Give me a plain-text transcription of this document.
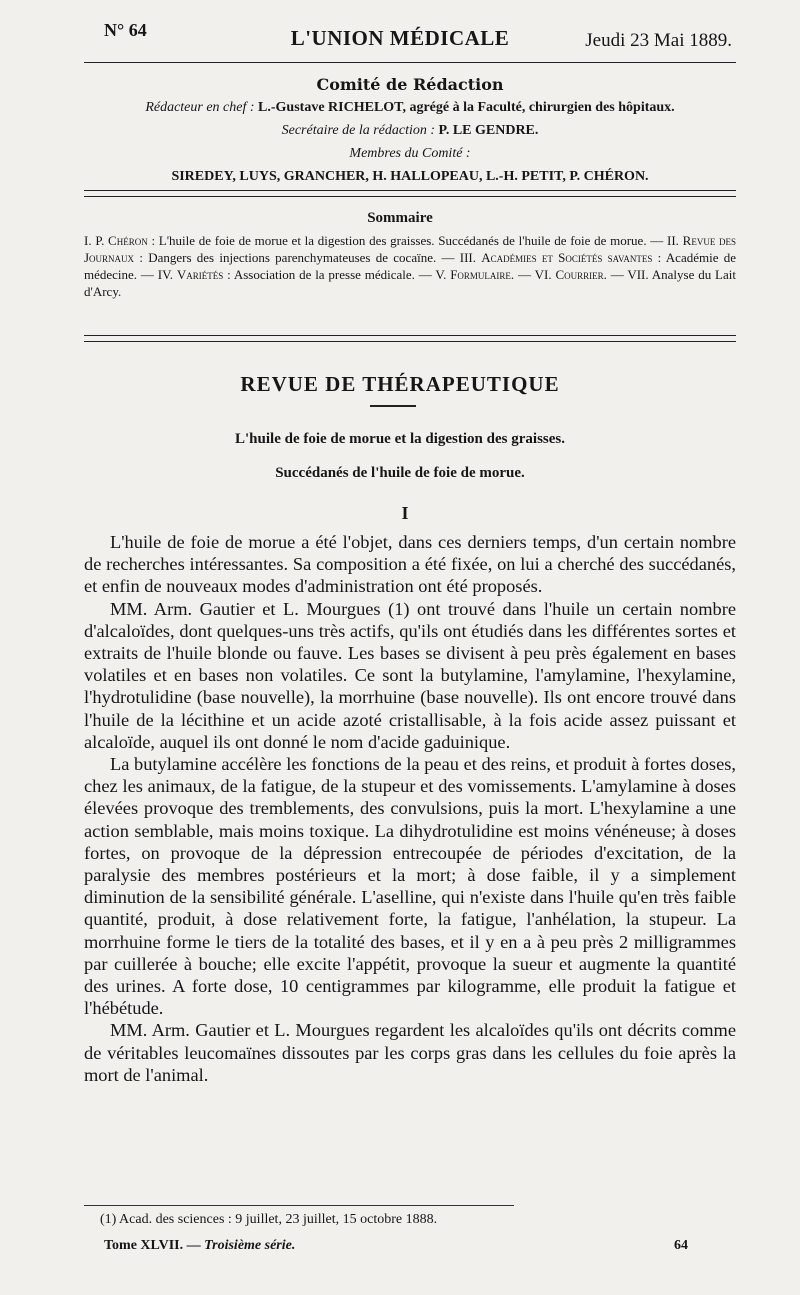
N° 64	L'UNION MÉDICALE	Jeudi 23 Mai 1889.
Comité de Rédaction
Rédacteur en chef : L.-Gustave RICHELOT, agrégé à la Faculté, chirurgien des hôpitaux.
Secrétaire de la rédaction : P. LE GENDRE.
Membres du Comité :
SIREDEY, LUYS, GRANCHER, H. HALLOPEAU, L.-H. PETIT, P. CHÉRON.
Sommaire
I. P. Chéron : L'huile de foie de morue et la digestion des graisses. Succédanés de l'huile de foie de morue. — II. Revue des Journaux : Dangers des injections parenchymateuses de cocaïne. — III. Académies et Sociétés savantes : Académie de médecine. — IV. Variétés : Association de la presse médicale. — V. Formulaire. — VI. Courrier. — VII. Analyse du Lait d'Arcy.
REVUE DE THÉRAPEUTIQUE
L'huile de foie de morue et la digestion des graisses.
Succédanés de l'huile de foie de morue.
I

L'huile de foie de morue a été l'objet, dans ces derniers temps, d'un certain nombre de recherches intéressantes. Sa composition a été fixée, on lui a cherché des succédanés, et enfin de nouveaux modes d'administration ont été proposés.

MM. Arm. Gautier et L. Mourgues (1) ont trouvé dans l'huile un certain nombre d'alcaloïdes, dont quelques-uns très actifs, qu'ils ont étudiés dans les différentes sortes et extraits de l'huile blonde ou fauve. Les bases se divisent à peu près également en bases volatiles et en bases non volatiles. Ce sont la butylamine, l'amylamine, l'hexylamine, l'hydrotulidine (base nouvelle), la morrhuine (base nouvelle). Ils ont encore trouvé dans l'huile de la lécithine et un acide azoté cristallisable, à la fois acide assez puissant et alcaloïde, auquel ils ont donné le nom d'acide gaduinique.

La butylamine accélère les fonctions de la peau et des reins, et produit à fortes doses, chez les animaux, de la fatigue, de la stupeur et des vomissements. L'amylamine à doses élevées provoque des tremblements, des convulsions, puis la mort. L'hexylamine a une action semblable, mais moins toxique. La dihydrotulidine est moins vénéneuse; à doses fortes, on provoque de la dépression entrecoupée de périodes d'excitation, de la paralysie des membres postérieurs et la mort; à dose faible, il y a simplement diminution de la sensibilité générale. L'aselline, qui n'existe dans l'huile qu'en très faible quantité, produit, à dose relativement forte, la fatigue, l'anhélation, la stupeur. La morrhuine forme le tiers de la totalité des bases, et il y en a à peu près 2 milligrammes par cuillerée à bouche; elle excite l'appétit, provoque la sueur et augmente la quantité des urines. A forte dose, 10 centigrammes par kilogramme, elle produit la fatigue et l'hébétude.

MM. Arm. Gautier et L. Mourgues regardent les alcaloïdes qu'ils ont décrits comme de véritables leucomaïnes dissoutes par les corps gras dans les cellules du foie après la mort de l'animal.

(1) Acad. des sciences : 9 juillet, 23 juillet, 15 octobre 1888.
Tome XLVII. — Troisième série.	64
